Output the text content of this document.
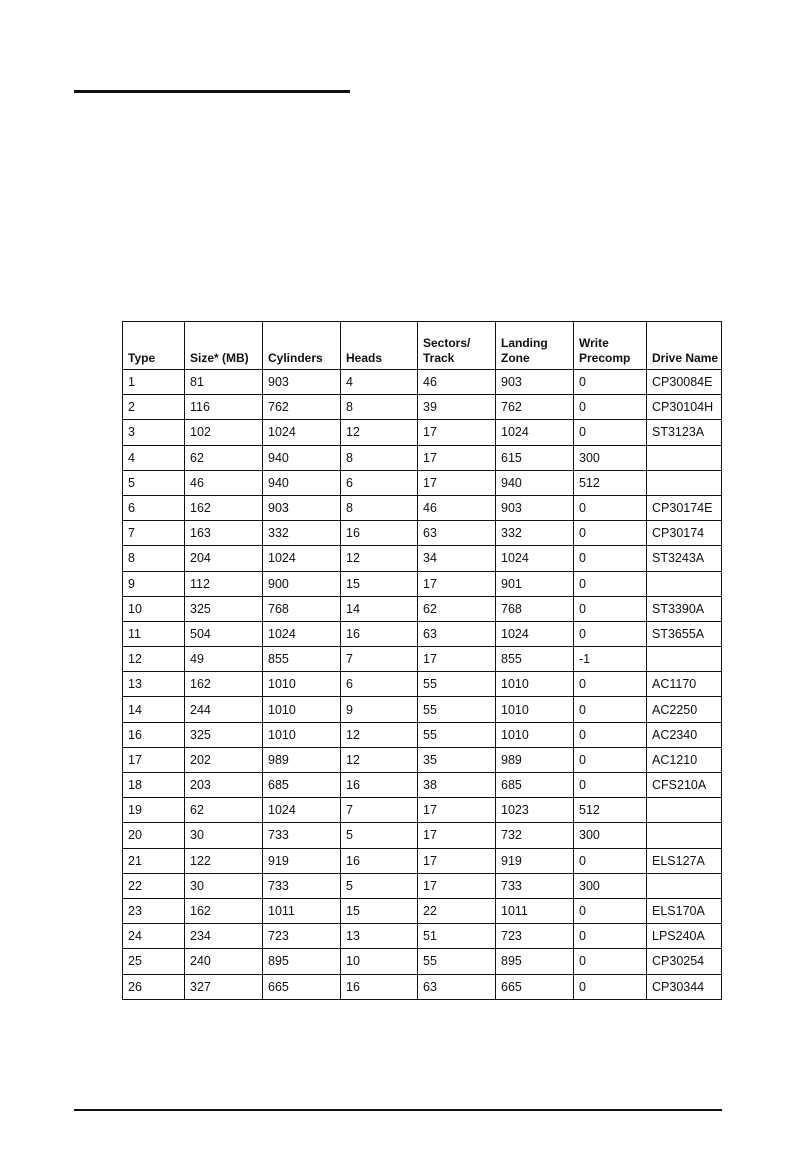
Type	Size* (MB)	Cylinders	Heads	Sectors/ Track	Landing Zone	Write Precomp	Drive Name
1	81	903	4	46	903	0	CP30084E
2	116	762	8	39	762	0	CP30104H
3	102	1024	12	17	1024	0	ST3123A
4	62	940	8	17	615	300	
5	46	940	6	17	940	512	
6	162	903	8	46	903	0	CP30174E
7	163	332	16	63	332	0	CP30174
8	204	1024	12	34	1024	0	ST3243A
9	112	900	15	17	901	0	
10	325	768	14	62	768	0	ST3390A
11	504	1024	16	63	1024	0	ST3655A
12	49	855	7	17	855	-1	
13	162	1010	6	55	1010	0	AC1170
14	244	1010	9	55	1010	0	AC2250
16	325	1010	12	55	1010	0	AC2340
17	202	989	12	35	989	0	AC1210
18	203	685	16	38	685	0	CFS210A
19	62	1024	7	17	1023	512	
20	30	733	5	17	732	300	
21	122	919	16	17	919	0	ELS127A
22	30	733	5	17	733	300	
23	162	1011	15	22	1011	0	ELS170A
24	234	723	13	51	723	0	LPS240A
25	240	895	10	55	895	0	CP30254
26	327	665	16	63	665	0	CP30344
